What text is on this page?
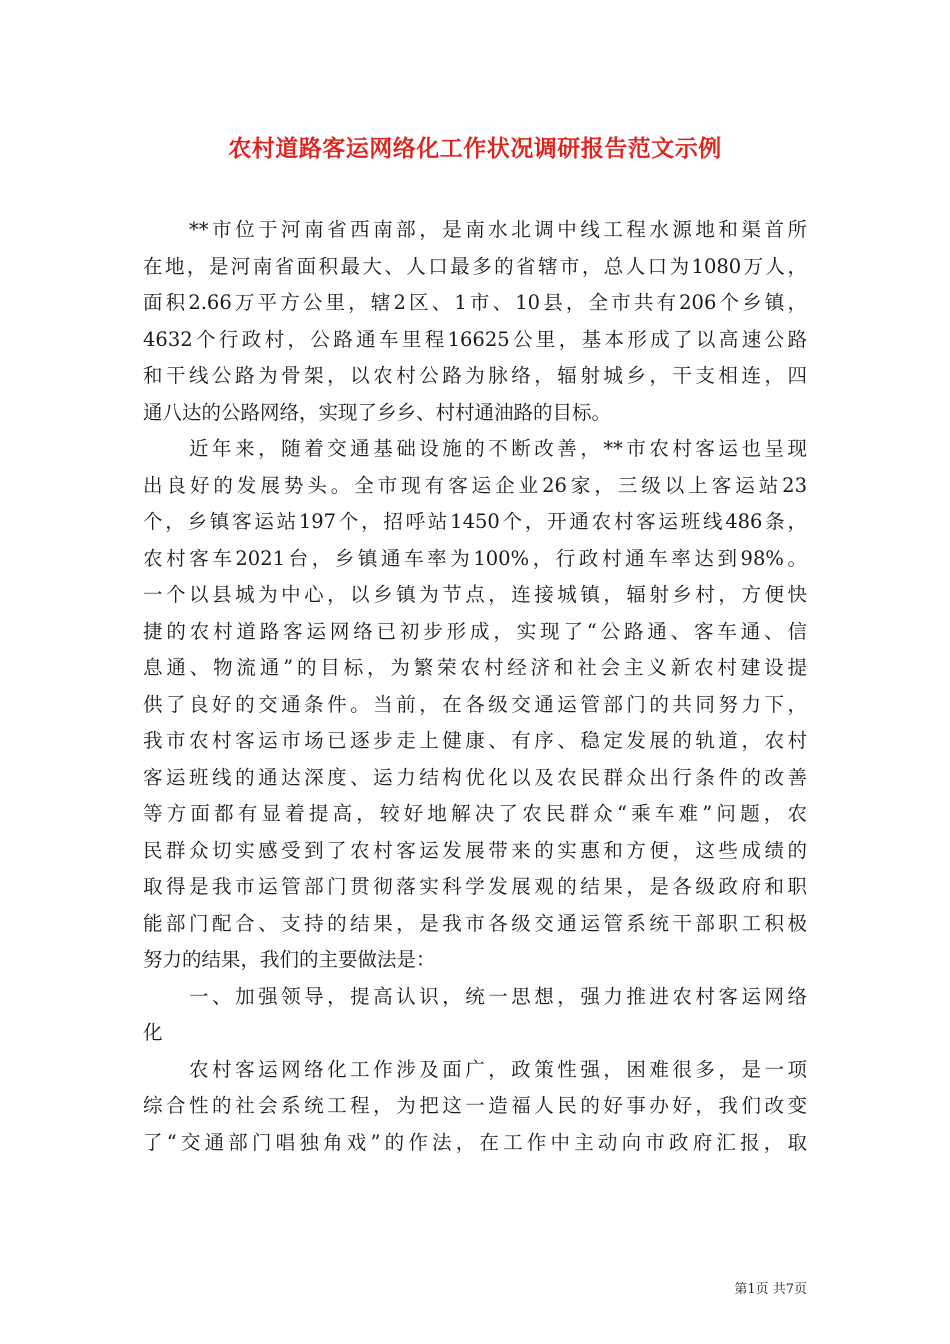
农村道路客运网络化工作状况调研报告范文示例
　　**市位于河南省西南部，是南水北调中线工程水源地和渠首所
在地，是河南省面积最大、人口最多的省辖市，总人口为1080万人，
面积2.66万平方公里，辖2区、1市、10县，全市共有206个乡镇，
4632个行政村，公路通车里程16625公里，基本形成了以高速公路
和干线公路为骨架，以农村公路为脉络，辐射城乡，干支相连，四
通八达的公路网络，实现了乡乡、村村通油路的目标。
　　近年来，随着交通基础设施的不断改善，**市农村客运也呈现
出良好的发展势头。全市现有客运企业26家，三级以上客运站23
个，乡镇客运站197个，招呼站1450个，开通农村客运班线486条，
农村客车2021台，乡镇通车率为100%，行政村通车率达到98%。
一个以县城为中心，以乡镇为节点，连接城镇，辐射乡村，方便快
捷的农村道路客运网络已初步形成，实现了“公路通、客车通、信
息通、物流通”的目标，为繁荣农村经济和社会主义新农村建设提
供了良好的交通条件。当前，在各级交通运管部门的共同努力下，
我市农村客运市场已逐步走上健康、有序、稳定发展的轨道，农村
客运班线的通达深度、运力结构优化以及农民群众出行条件的改善
等方面都有显着提高，较好地解决了农民群众“乘车难”问题，农
民群众切实感受到了农村客运发展带来的实惠和方便，这些成绩的
取得是我市运管部门贯彻落实科学发展观的结果，是各级政府和职
能部门配合、支持的结果，是我市各级交通运管系统干部职工积极
努力的结果，我们的主要做法是：
　　一、加强领导，提高认识，统一思想，强力推进农村客运网络
化
　　农村客运网络化工作涉及面广，政策性强，困难很多，是一项
综合性的社会系统工程，为把这一造福人民的好事办好，我们改变
了“交通部门唱独角戏”的作法，在工作中主动向市政府汇报，取
第1页 共7页
